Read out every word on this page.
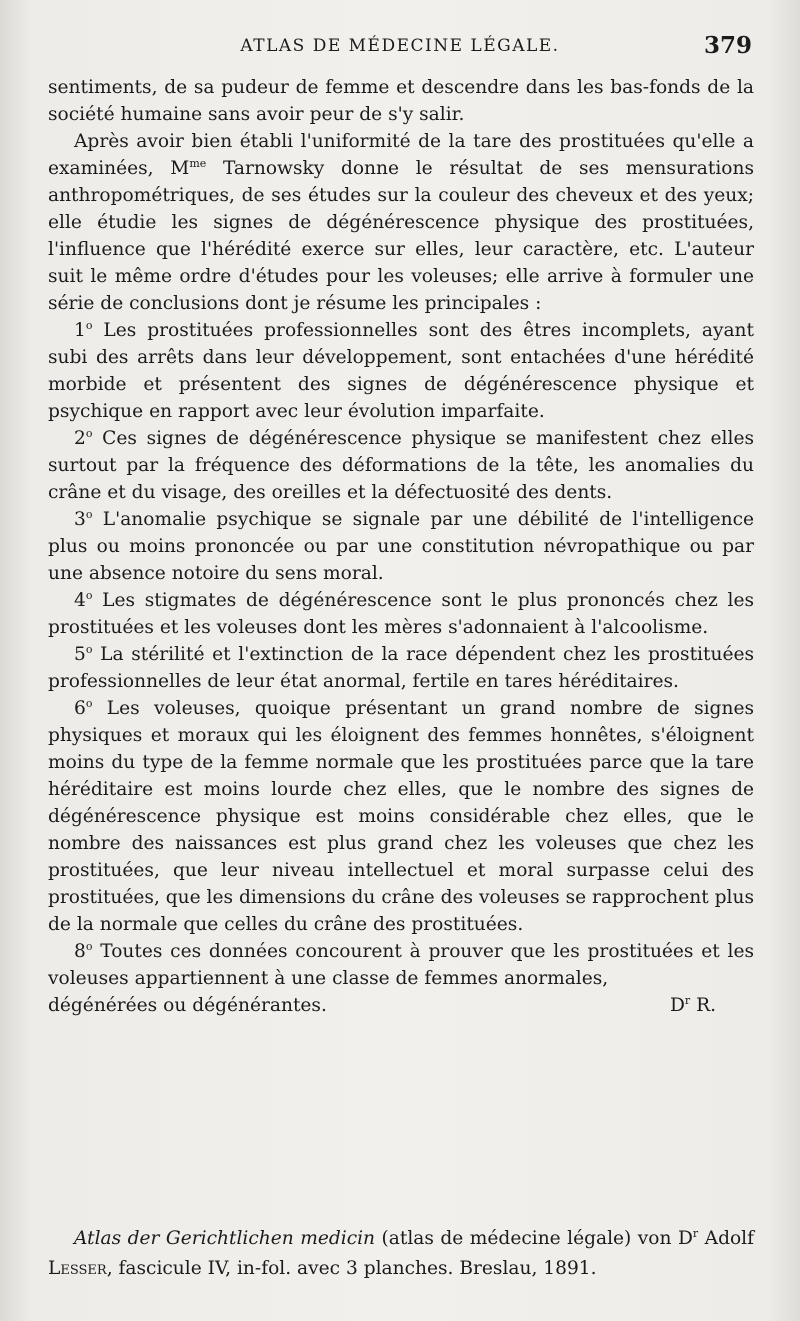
ATLAS DE MÉDECINE LÉGALE.	379

sentiments, de sa pudeur de femme et descendre dans les bas-fonds de la société humaine sans avoir peur de s'y salir.

Après avoir bien établi l'uniformité de la tare des prostituées qu'elle a examinées, $M^{me}$ Tarnowsky donne le résultat de ses mensurations anthropométriques, de ses études sur la couleur des cheveux et des yeux; elle étudie les signes de dégénérescence physique des prostituées, l'influence que l'hérédité exerce sur elles, leur caractère, etc. L'auteur suit le même ordre d'études pour les voleuses; elle arrive à formuler une série de conclusions dont je résume les principales :

1$^o$ Les prostituées professionnelles sont des êtres incomplets, ayant subi des arrêts dans leur développement, sont entachées d'une hérédité morbide et présentent des signes de dégénérescence physique et psychique en rapport avec leur évolution imparfaite.

2$^o$ Ces signes de dégénérescence physique se manifestent chez elles surtout par la fréquence des déformations de la tête, les anomalies du crâne et du visage, des oreilles et la défectuosité des dents.

3$^o$ L'anomalie psychique se signale par une débilité de l'intelligence plus ou moins prononcée ou par une constitution névropathique ou par une absence notoire du sens moral.

4$^o$ Les stigmates de dégénérescence sont le plus prononcés chez les prostituées et les voleuses dont les mères s'adonnaient à l'alcoolisme.

5$^o$ La stérilité et l'extinction de la race dépendent chez les prostituées professionnelles de leur état anormal, fertile en tares héréditaires.

6$^o$ Les voleuses, quoique présentant un grand nombre de signes physiques et moraux qui les éloignent des femmes honnêtes, s'éloignent moins du type de la femme normale que les prostituées parce que la tare héréditaire est moins lourde chez elles, que le nombre des signes de dégénérescence physique est moins considérable chez elles, que le nombre des naissances est plus grand chez les voleuses que chez les prostituées, que leur niveau intellectuel et moral surpasse celui des prostituées, que les dimensions du crâne des voleuses se rapprochent plus de la normale que celles du crâne des prostituées.

8$^o$ Toutes ces données concourent à prouver que les prostituées et les voleuses appartiennent à une classe de femmes anormales,

dégénérées ou dégénérantes.	$D^r$ R.

Atlas der Gerichtlichen medicin (atlas de médecine légale) von $D^r$ Adolf Lesser, fascicule IV, in-fol. avec 3 planches. Breslau, 1891.
